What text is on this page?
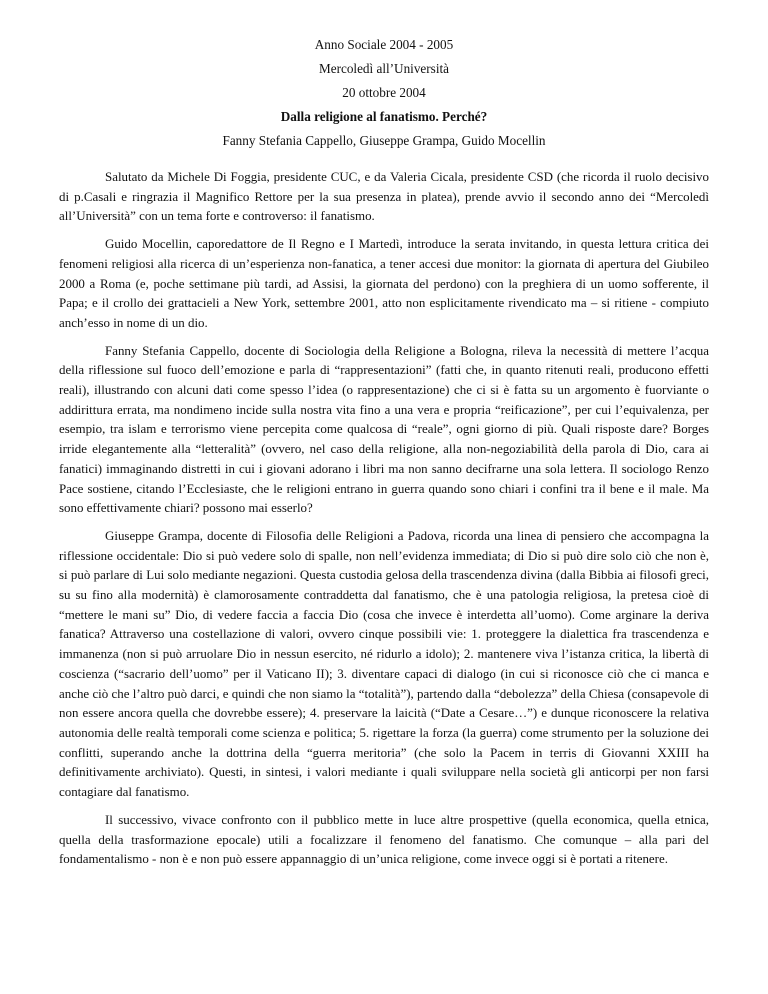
Anno Sociale 2004 - 2005

Mercoledì all’Università

20 ottobre 2004

Dalla religione al fanatismo. Perché?

Fanny Stefania Cappello, Giuseppe Grampa, Guido Mocellin

Salutato da Michele Di Foggia, presidente CUC, e da Valeria Cicala, presidente CSD (che ricorda il ruolo decisivo di p.Casali e ringrazia il Magnifico Rettore per la sua presenza in platea), prende avvio il secondo anno dei “Mercoledì all’Università” con un tema forte e controverso: il fanatismo.

Guido Mocellin, caporedattore de Il Regno e I Martedì, introduce la serata invitando, in questa lettura critica dei fenomeni religiosi alla ricerca di un’esperienza non-fanatica, a tener accesi due monitor: la giornata di apertura del Giubileo 2000 a Roma (e, poche settimane più tardi, ad Assisi, la giornata del perdono) con la preghiera di un uomo sofferente, il Papa; e il crollo dei grattacieli a New York, settembre 2001, atto non esplicitamente rivendicato ma – si ritiene - compiuto anch’esso in nome di un dio.

Fanny Stefania Cappello, docente di Sociologia della Religione a Bologna, rileva la necessità di mettere l’acqua della riflessione sul fuoco dell’emozione e parla di “rappresentazioni” (fatti che, in quanto ritenuti reali, producono effetti reali), illustrando con alcuni dati come spesso l’idea (o rappresentazione) che ci si è fatta su un argomento è fuorviante o addirittura errata, ma nondimeno incide sulla nostra vita fino a una vera e propria “reificazione”, per cui l’equivalenza, per esempio, tra islam e terrorismo viene percepita come qualcosa di “reale”, ogni giorno di più. Quali risposte dare? Borges irride elegantemente alla “letteralità” (ovvero, nel caso della religione, alla non-negoziabilità della parola di Dio, cara ai fanatici) immaginando distretti in cui i giovani adorano i libri ma non sanno decifrarne una sola lettera. Il sociologo Renzo Pace sostiene, citando l’Ecclesiaste, che le religioni entrano in guerra quando sono chiari i confini tra il bene e il male. Ma sono effettivamente chiari? possono mai esserlo?

Giuseppe Grampa, docente di Filosofia delle Religioni a Padova, ricorda una linea di pensiero che accompagna la riflessione occidentale: Dio si può vedere solo di spalle, non nell’evidenza immediata; di Dio si può dire solo ciò che non è, si può parlare di Lui solo mediante negazioni. Questa custodia gelosa della trascendenza divina (dalla Bibbia ai filosofi greci, su su fino alla modernità) è clamorosamente contraddetta dal fanatismo, che è una patologia religiosa, la pretesa cioè di “mettere le mani su” Dio, di vedere faccia a faccia Dio (cosa che invece è interdetta all’uomo). Come arginare la deriva fanatica? Attraverso una costellazione di valori, ovvero cinque possibili vie: 1. proteggere la dialettica fra trascendenza e immanenza (non si può arruolare Dio in nessun esercito, né ridurlo a idolo); 2. mantenere viva l’istanza critica, la libertà di coscienza (“sacrario dell’uomo” per il Vaticano II); 3. diventare capaci di dialogo (in cui si riconosce ciò che ci manca e anche ciò che l’altro può darci, e quindi che non siamo la “totalità”), partendo dalla “debolezza” della Chiesa (consapevole di non essere ancora quella che dovrebbe essere); 4. preservare la laicità (“Date a Cesare…”) e dunque riconoscere la relativa autonomia delle realtà temporali come scienza e politica; 5. rigettare la forza (la guerra) come strumento per la soluzione dei conflitti, superando anche la dottrina della “guerra meritoria” (che solo la Pacem in terris di Giovanni XXIII ha definitivamente archiviato). Questi, in sintesi, i valori mediante i quali sviluppare nella società gli anticorpi per non farsi contagiare dal fanatismo.

Il successivo, vivace confronto con il pubblico mette in luce altre prospettive (quella economica, quella etnica, quella della trasformazione epocale) utili a focalizzare il fenomeno del fanatismo. Che comunque – alla pari del fondamentalismo - non è e non può essere appannaggio di un’unica religione, come invece oggi si è portati a ritenere.
